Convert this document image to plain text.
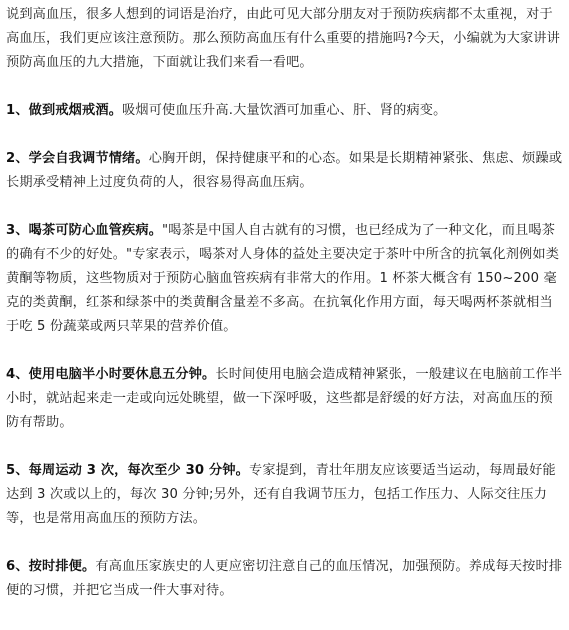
说到高血压，很多人想到的词语是治疗，由此可见大部分朋友对于预防疾病都不太重视，对于高血压，我们更应该注意预防。那么预防高血压有什么重要的措施吗?今天，小编就为大家讲讲预防高血压的九大措施，下面就让我们来看一看吧。

1、做到戒烟戒酒。吸烟可使血压升高.大量饮酒可加重心、肝、肾的病变。

2、学会自我调节情绪。心胸开朗，保持健康平和的心态。如果是长期精神紧张、焦虑、烦躁或长期承受精神上过度负荷的人，很容易得高血压病。

3、喝茶可防心血管疾病。"喝茶是中国人自古就有的习惯，也已经成为了一种文化，而且喝茶的确有不少的好处。"专家表示，喝茶对人身体的益处主要决定于茶叶中所含的抗氧化剂例如类黄酮等物质，这些物质对于预防心脑血管疾病有非常大的作用。1 杯茶大概含有 150~200 毫克的类黄酮，红茶和绿茶中的类黄酮含量差不多高。在抗氧化作用方面，每天喝两杯茶就相当于吃 5 份蔬菜或两只苹果的营养价值。

4、使用电脑半小时要休息五分钟。长时间使用电脑会造成精神紧张，一般建议在电脑前工作半小时，就站起来走一走或向远处眺望，做一下深呼吸，这些都是舒缓的好方法，对高血压的预防有帮助。

5、每周运动 3 次，每次至少 30 分钟。专家提到，青壮年朋友应该要适当运动，每周最好能达到 3 次或以上的，每次 30 分钟;另外，还有自我调节压力，包括工作压力、人际交往压力等，也是常用高血压的预防方法。

6、按时排便。有高血压家族史的人更应密切注意自己的血压情况，加强预防。养成每天按时排便的习惯，并把它当成一件大事对待。
